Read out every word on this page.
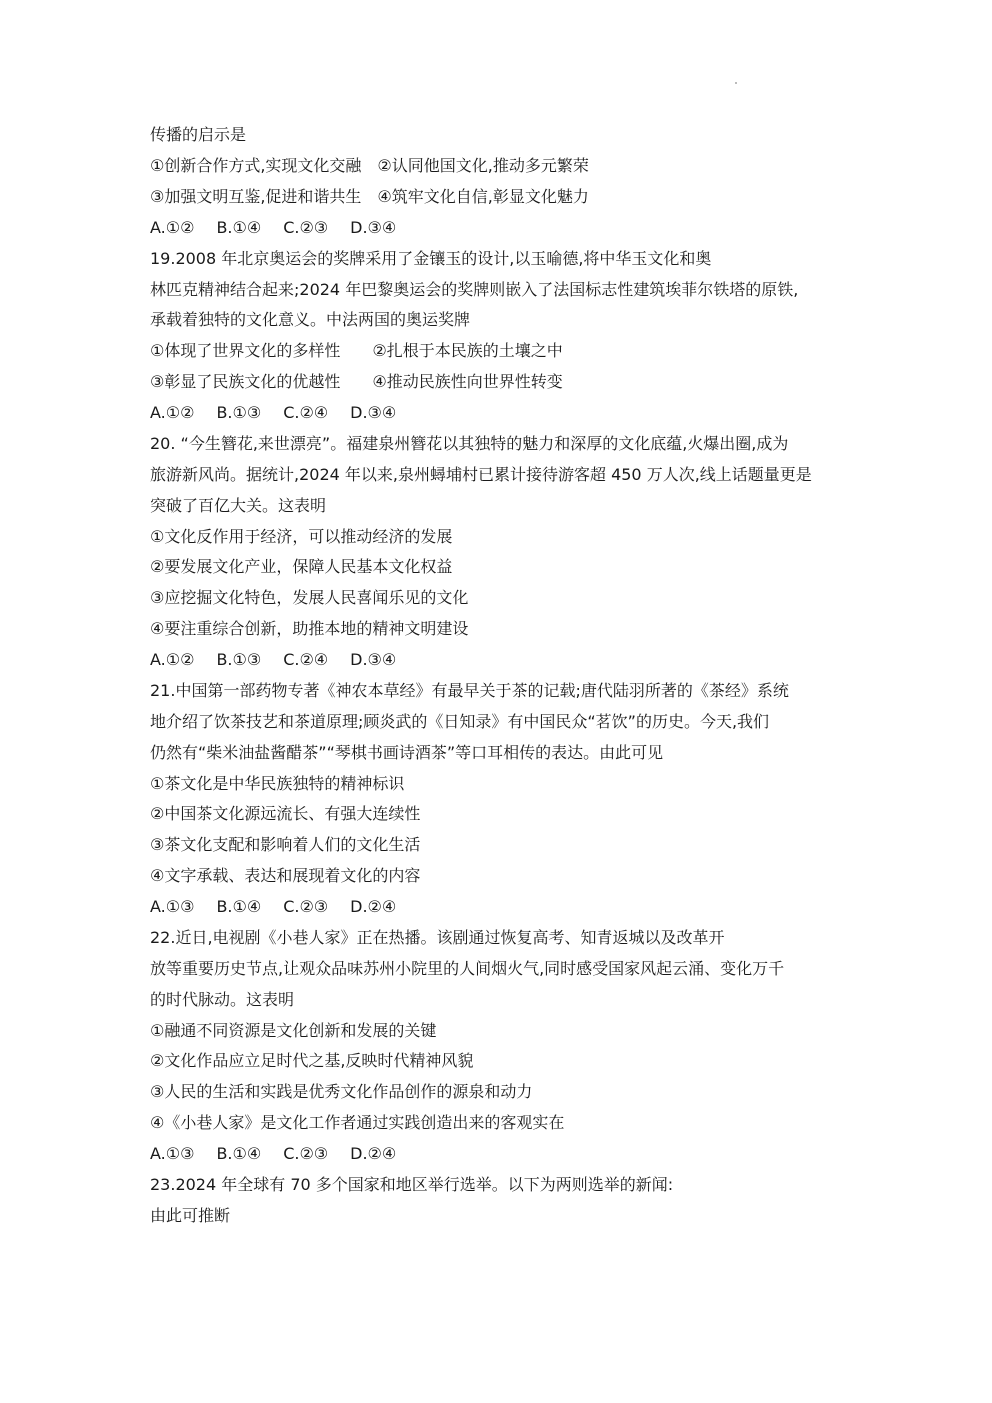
传播的启示是
①创新合作方式,实现文化交融　②认同他国文化,推动多元繁荣
③加强文明互鉴,促进和谐共生　④筑牢文化自信,彰显文化魅力
A.①② B.①④ C.②③ D.③④
19.2008 年北京奥运会的奖牌采用了金镶玉的设计,以玉喻德,将中华玉文化和奥
林匹克精神结合起来;2024 年巴黎奥运会的奖牌则嵌入了法国标志性建筑埃菲尔铁塔的原铁,
承载着独特的文化意义。中法两国的奥运奖牌
①体现了世界文化的多样性　　②扎根于本民族的土壤之中
③彰显了民族文化的优越性　　④推动民族性向世界性转变
A.①② B.①③ C.②④ D.③④
20. “今生簪花,来世漂亮”。福建泉州簪花以其独特的魅力和深厚的文化底蕴,火爆出圈,成为
旅游新风尚。据统计,2024 年以来,泉州蟳埔村已累计接待游客超 450 万人次,线上话题量更是
突破了百亿大关。这表明
①文化反作用于经济，可以推动经济的发展
②要发展文化产业，保障人民基本文化权益
③应挖掘文化特色，发展人民喜闻乐见的文化
④要注重综合创新，助推本地的精神文明建设
A.①② B.①③ C.②④ D.③④
21.中国第一部药物专著《神农本草经》有最早关于茶的记载;唐代陆羽所著的《茶经》系统
地介绍了饮茶技艺和茶道原理;顾炎武的《日知录》有中国民众“茗饮”的历史。今天,我们
仍然有“柴米油盐酱醋茶”“琴棋书画诗酒茶”等口耳相传的表达。由此可见
①茶文化是中华民族独特的精神标识
②中国茶文化源远流长、有强大连续性
③茶文化支配和影响着人们的文化生活
④文字承载、表达和展现着文化的内容
A.①③ B.①④ C.②③ D.②④
22.近日,电视剧《小巷人家》正在热播。该剧通过恢复高考、知青返城以及改革开
放等重要历史节点,让观众品味苏州小院里的人间烟火气,同时感受国家风起云涌、变化万千
的时代脉动。这表明
①融通不同资源是文化创新和发展的关键
②文化作品应立足时代之基,反映时代精神风貌
③人民的生活和实践是优秀文化作品创作的源泉和动力
④《小巷人家》是文化工作者通过实践创造出来的客观实在
A.①③ B.①④ C.②③ D.②④
23.2024 年全球有 70 多个国家和地区举行选举。以下为两则选举的新闻:
由此可推断
